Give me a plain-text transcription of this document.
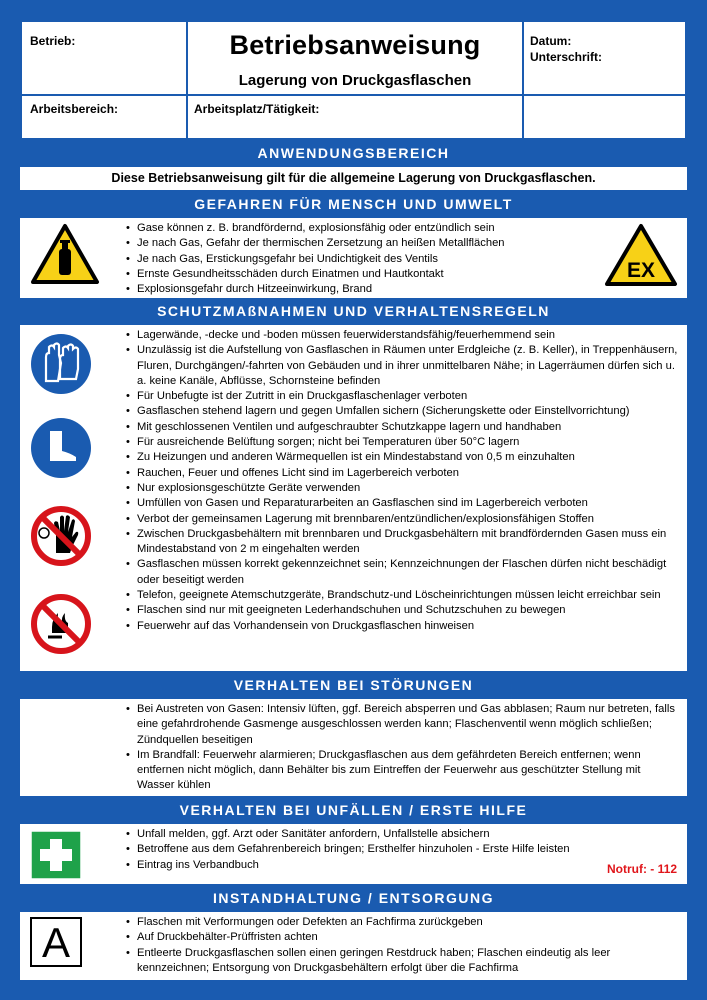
Betrieb:	Betriebsanweisung
Lagerung von Druckgasflaschen
Datum:
Unterschrift:
Arbeitsbereich:	Arbeitsplatz/Tätigkeit:
ANWENDUNGSBEREICH
Diese Betriebsanweisung gilt für die allgemeine Lagerung von Druckgasflaschen.
GEFAHREN FÜR MENSCH UND UMWELT
• Gase können z. B. brandfördernd, explosionsfähig oder entzündlich sein
• Je nach Gas, Gefahr der thermischen Zersetzung an heißen Metallflächen
• Je nach Gas, Erstickungsgefahr bei Undichtigkeit des Ventils
• Ernste Gesundheitsschäden durch Einatmen und Hautkontakt
• Explosionsgefahr durch Hitzeeinwirkung, Brand
EX
SCHUTZMAßNAHMEN UND VERHALTENSREGELN
• Lagerwände, -decke und -boden müssen feuerwiderstandsfähig/feuerhemmend sein
• Unzulässig ist die Aufstellung von Gasflaschen in Räumen unter Erdgleiche (z. B. Keller), in Treppenhäusern, Fluren, Durchgängen/-fahrten von Gebäuden und in ihrer unmittelbaren Nähe; in Lagerräumen dürfen sich u. a. keine Kanäle, Abflüsse, Schornsteine befinden
• Für Unbefugte ist der Zutritt in ein Druckgasflaschenlager verboten
• Gasflaschen stehend lagern und gegen Umfallen sichern (Sicherungskette oder Einstellvorrichtung)
• Mit geschlossenen Ventilen und aufgeschraubter Schutzkappe lagern und handhaben
• Für ausreichende Belüftung sorgen; nicht bei Temperaturen über 50°C lagern
• Zu Heizungen und anderen Wärmequellen ist ein Mindestabstand von 0,5 m einzuhalten
• Rauchen, Feuer und offenes Licht sind im Lagerbereich verboten
• Nur explosionsgeschützte Geräte verwenden
• Umfüllen von Gasen und Reparaturarbeiten an Gasflaschen sind im Lagerbereich verboten
• Verbot der gemeinsamen Lagerung mit brennbaren/entzündlichen/explosionsfähigen Stoffen
• Zwischen Druckgasbehältern mit brennbaren und Druckgasbehältern mit brandfördernden Gasen muss ein Mindestabstand von 2 m eingehalten werden
• Gasflaschen müssen korrekt gekennzeichnet sein; Kennzeichnungen der Flaschen dürfen nicht beschädigt oder beseitigt werden
• Telefon, geeignete Atemschutzgeräte, Brandschutz-und Löscheinrichtungen müssen leicht erreichbar sein
• Flaschen sind nur mit geeigneten Lederhandschuhen und Schutzschuhen zu bewegen
• Feuerwehr auf das Vorhandensein von Druckgasflaschen hinweisen
VERHALTEN BEI STÖRUNGEN
• Bei Austreten von Gasen: Intensiv lüften, ggf. Bereich absperren und Gas abblasen; Raum nur betreten, falls eine gefahrdrohende Gasmenge ausgeschlossen werden kann; Flaschenventil wenn möglich schließen; Zündquellen beseitigen
• Im Brandfall: Feuerwehr alarmieren; Druckgasflaschen aus dem gefährdeten Bereich entfernen; wenn entfernen nicht möglich, dann Behälter bis zum Eintreffen der Feuerwehr aus geschützter Stellung mit Wasser kühlen
VERHALTEN BEI UNFÄLLEN / ERSTE HILFE
• Unfall melden, ggf. Arzt oder Sanitäter anfordern, Unfallstelle absichern
• Betroffene aus dem Gefahrenbereich bringen; Ersthelfer hinzuholen - Erste Hilfe leisten
• Eintrag ins Verbandbuch	Notruf: - 112
INSTANDHALTUNG / ENTSORGUNG
A
•	Flaschen mit Verformungen oder Defekten an Fachfirma zurückgeben
• Auf Druckbehälter-Prüffristen achten
• Entleerte Druckgasflaschen sollen einen geringen Restdruck haben; Flaschen eindeutig als leer kennzeichnen; Entsorgung von Druckgasbehältern erfolgt über die Fachfirma
